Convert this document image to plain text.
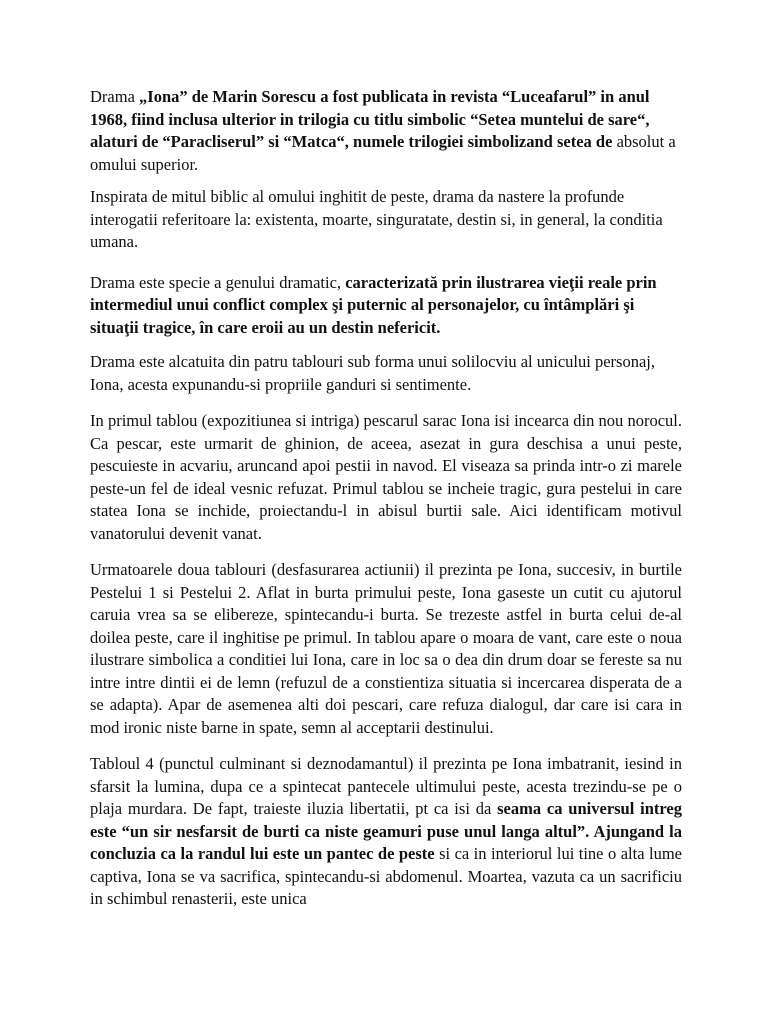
Drama „Iona” de Marin Sorescu a fost publicata in revista “Luceafarul” in anul 1968, fiind inclusa ulterior in trilogia cu titlu simbolic “Setea muntelui de sare“, alaturi de “Paracliserul” si “Matca“, numele trilogiei simbolizand setea de absolut a omului superior.

Inspirata de mitul biblic al omului inghitit de peste, drama da nastere la profunde interogatii referitoare la: existenta, moarte, singuratate, destin si, in general, la conditia umana.

Drama este specie a genului dramatic, caracterizată prin ilustrarea vieţii reale prin intermediul unui conflict complex şi puternic al personajelor, cu întâmplări şi situaţii tragice, în care eroii au un destin nefericit.

Drama este alcatuita din patru tablouri sub forma unui solilocviu al unicului personaj, Iona, acesta expunandu-si propriile ganduri si sentimente.

In primul tablou (expozitiunea si intriga) pescarul sarac Iona isi incearca din nou norocul. Ca pescar, este urmarit de ghinion, de aceea, asezat in gura deschisa a unui peste, pescuieste in acvariu, aruncand apoi pestii in navod. El viseaza sa prinda intr-o zi marele peste-un fel de ideal vesnic refuzat. Primul tablou se incheie tragic, gura pestelui in care statea Iona se inchide, proiectandu-l in abisul burtii sale. Aici identificam motivul vanatorului devenit vanat.

Urmatoarele doua tablouri (desfasurarea actiunii) il prezinta pe Iona, succesiv, in burtile Pestelui 1 si Pestelui 2. Aflat in burta primului peste, Iona gaseste un cutit cu ajutorul caruia vrea sa se elibereze, spintecandu-i burta. Se trezeste astfel in burta celui de-al doilea peste, care il inghitise pe primul. In tablou apare o moara de vant, care este o noua ilustrare simbolica a conditiei lui Iona, care in loc sa o dea din drum doar se fereste sa nu intre intre dintii ei de lemn (refuzul de a constientiza situatia si incercarea disperata de a se adapta). Apar de asemenea alti doi pescari, care refuza dialogul, dar care isi cara in mod ironic niste barne in spate, semn al acceptarii destinului.

Tabloul 4 (punctul culminant si deznodamantul) il prezinta pe Iona imbatranit, iesind in sfarsit la lumina, dupa ce a spintecat pantecele ultimului peste, acesta trezindu-se pe o plaja murdara. De fapt, traieste iluzia libertatii, pt ca isi da seama ca universul intreg este “un sir nesfarsit de burti ca niste geamuri puse unul langa altul”. Ajungand la concluzia ca la randul lui este un pantec de peste si ca in interiorul lui tine o alta lume captiva, Iona se va sacrifica, spintecandu-si abdomenul. Moartea, vazuta ca un sacrificiu in schimbul renasterii, este unica
